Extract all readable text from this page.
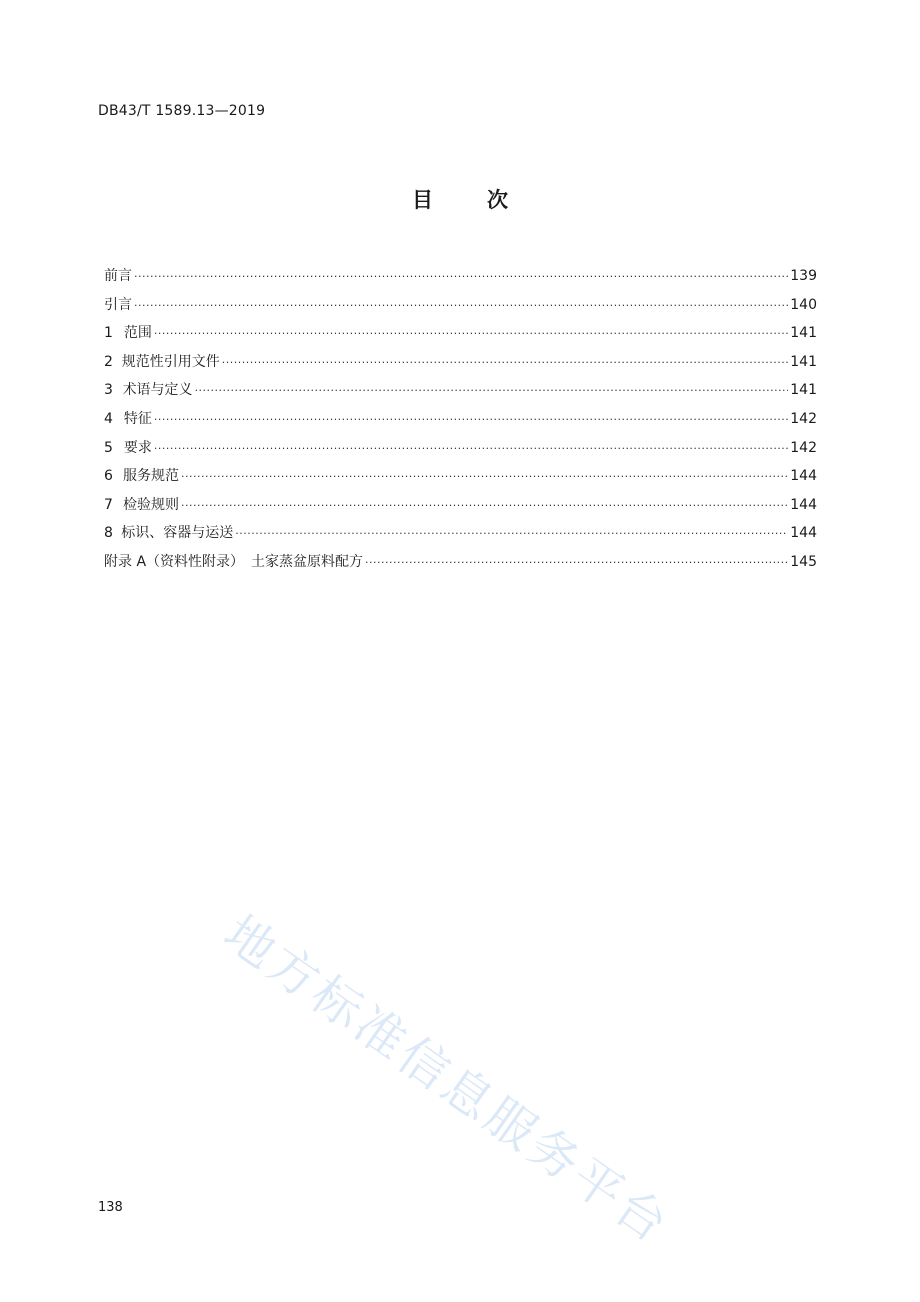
DB43/T 1589.13—2019
目	次
前言 ·····	139
引言 ·····	140
1 范围 ·····	141
2 规范性引用文件 ·····	141
3 术语与定义 ·····	141
4 特征 ·····	142
5 要求 ·····	142
6 服务规范 ·····	144
7 检验规则 ·····	144
8 标识、容器与运送 ·····	144
附录 A（资料性附录）　土家蒸盆原料配方 ·····	145
地方标准信息服务平台
138
